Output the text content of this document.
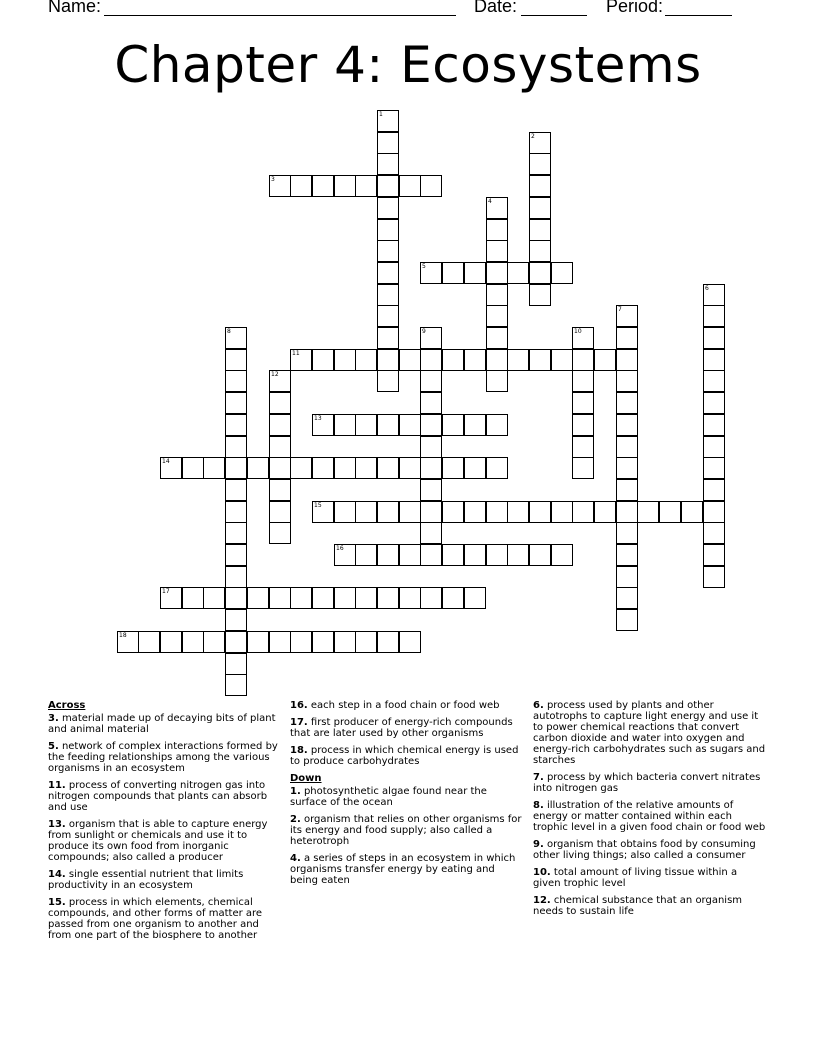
Name:	Date:	Period:
Chapter 4: Ecosystems
1
2
3
4
5
6
7
8	9	10
11
12
13
14
15
16
17
18
Across
3. material made up of decaying bits of plant and animal material
5. network of complex interactions formed by the feeding relationships among the various organisms in an ecosystem
11. process of converting nitrogen gas into nitrogen compounds that plants can absorb and use
13. organism that is able to capture energy from sunlight or chemicals and use it to produce its own food from inorganic compounds; also called a producer
14. single essential nutrient that limits productivity in an ecosystem
15. process in which elements, chemical compounds, and other forms of matter are passed from one organism to another and from one part of the biosphere to another
16. each step in a food chain or food web
17. first producer of energy-rich compounds that are later used by other organisms
18. process in which chemical energy is used to produce carbohydrates
Down
1. photosynthetic algae found near the surface of the ocean
2. organism that relies on other organisms for its energy and food supply; also called a heterotroph
4. a series of steps in an ecosystem in which organisms transfer energy by eating and being eaten
6. process used by plants and other autotrophs to capture light energy and use it to power chemical reactions that convert carbon dioxide and water into oxygen and energy-rich carbohydrates such as sugars and starches
7. process by which bacteria convert nitrates into nitrogen gas
8. illustration of the relative amounts of energy or matter contained within each trophic level in a given food chain or food web
9. organism that obtains food by consuming other living things; also called a consumer
10. total amount of living tissue within a given trophic level
12. chemical substance that an organism needs to sustain life
